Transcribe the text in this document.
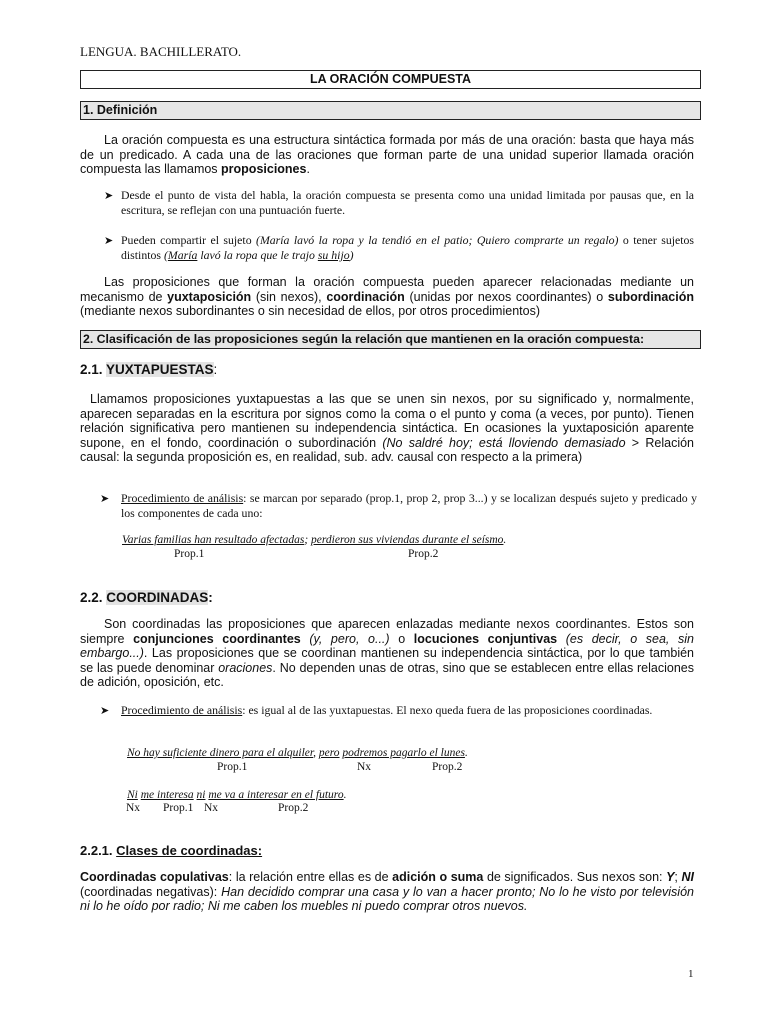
LENGUA. BACHILLERATO.
LA ORACIÓN COMPUESTA
1. Definición
La oración compuesta es una estructura sintáctica formada por más de una oración: basta que haya más de un predicado. A cada una de las oraciones que forman parte de una unidad superior llamada oración compuesta las llamamos proposiciones.
➤ Desde el punto de vista del habla, la oración compuesta se presenta como una unidad limitada por pausas que, en la escritura, se reflejan con una puntuación fuerte.
➤ Pueden compartir el sujeto (María lavó la ropa y la tendió en el patio; Quiero comprarte un regalo) o tener sujetos distintos (María lavó la ropa que le trajo su hijo)
Las proposiciones que forman la oración compuesta pueden aparecer relacionadas mediante un mecanismo de yuxtaposición (sin nexos), coordinación (unidas por nexos coordinantes) o subordinación (mediante nexos subordinantes o sin necesidad de ellos, por otros procedimientos)
2. Clasificación de las proposiciones según la relación que mantienen en la oración compuesta:
2.1. YUXTAPUESTAS:
Llamamos proposiciones yuxtapuestas a las que se unen sin nexos, por su significado y, normalmente, aparecen separadas en la escritura por signos como la coma o el punto y coma (a veces, por punto). Tienen relación significativa pero mantienen su independencia sintáctica. En ocasiones la yuxtaposición aparente supone, en el fondo, coordinación o subordinación (No saldré hoy; está lloviendo demasiado > Relación causal: la segunda proposición es, en realidad, sub. adv. causal con respecto a la primera)
➤ Procedimiento de análisis: se marcan por separado (prop.1, prop 2, prop 3...) y se localizan después sujeto y predicado y los componentes de cada uno:
Varias familias han resultado afectadas; perdieron sus viviendas durante el seísmo.
Prop.1	Prop.2
2.2. COORDINADAS:
Son coordinadas las proposiciones que aparecen enlazadas mediante nexos coordinantes. Estos son siempre conjunciones coordinantes (y, pero, o...) o locuciones conjuntivas (es decir, o sea, sin embargo...). Las proposiciones que se coordinan mantienen su independencia sintáctica, por lo que también se las puede denominar oraciones. No dependen unas de otras, sino que se establecen entre ellas relaciones de adición, oposición, etc.
➤ Procedimiento de análisis: es igual al de las yuxtapuestas. El nexo queda fuera de las proposiciones coordinadas.
No hay suficiente dinero para el alquiler, pero podremos pagarlo el lunes.
Prop.1	Nx	Prop.2
Ni me interesa ni me va a interesar en el futuro.
Nx Prop.1 Nx	Prop.2
2.2.1. Clases de coordinadas:
Coordinadas copulativas: la relación entre ellas es de adición o suma de significados. Sus nexos son: Y; NI (coordinadas negativas): Han decidido comprar una casa y lo van a hacer pronto; No lo he visto por televisión ni lo he oído por radio; Ni me caben los muebles ni puedo comprar otros nuevos.
1
